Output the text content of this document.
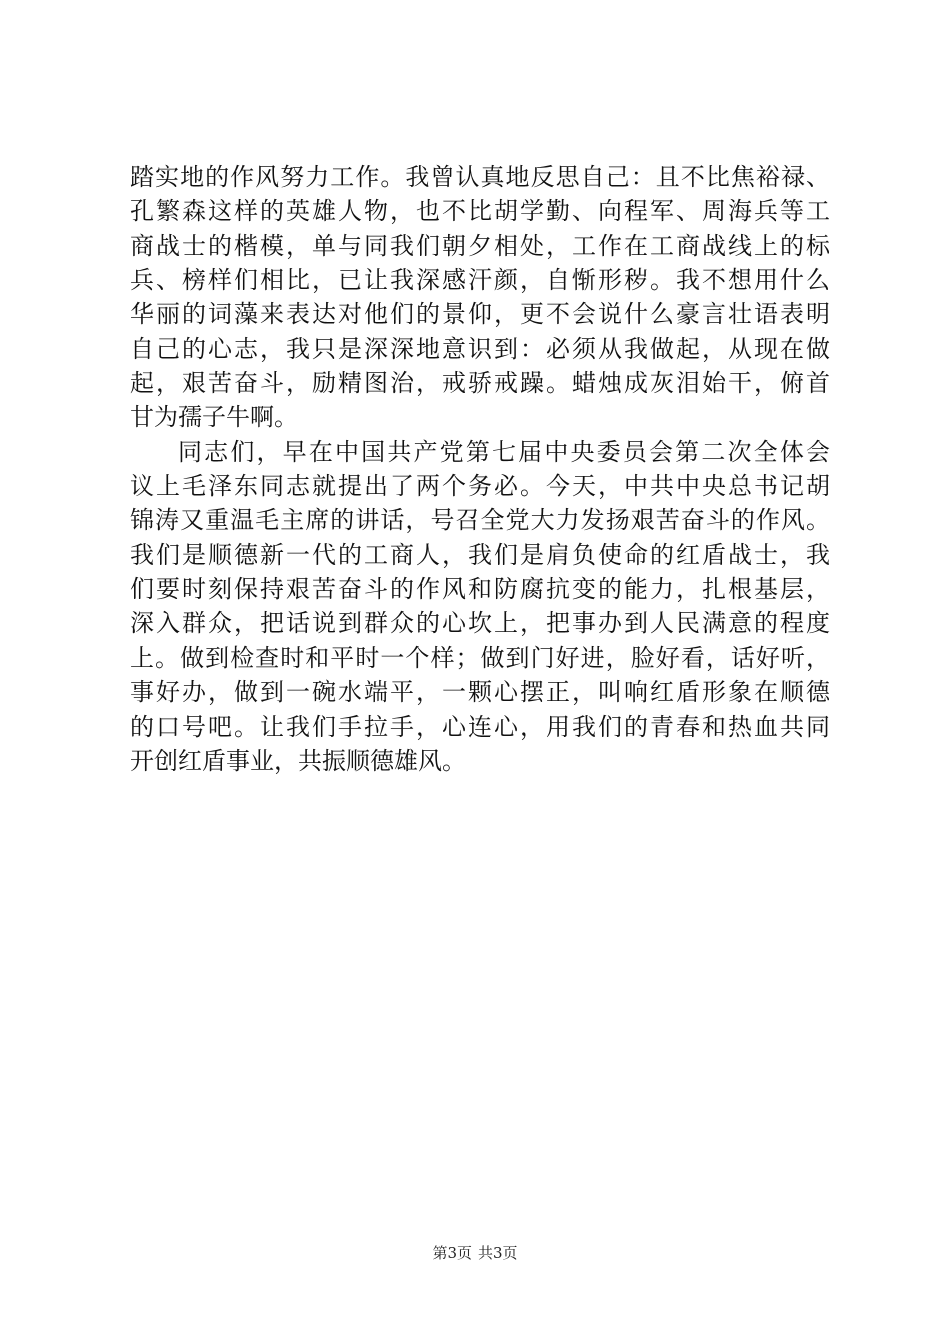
踏实地的作风努力工作。我曾认真地反思自己：且不比焦裕禄、
孔繁森这样的英雄人物，也不比胡学勤、向程军、周海兵等工
商战士的楷模，单与同我们朝夕相处，工作在工商战线上的标
兵、榜样们相比，已让我深感汗颜，自惭形秽。我不想用什么
华丽的词藻来表达对他们的景仰，更不会说什么豪言壮语表明
自己的心志，我只是深深地意识到：必须从我做起，从现在做
起，艰苦奋斗，励精图治，戒骄戒躁。蜡烛成灰泪始干，俯首
甘为孺子牛啊。
同志们，早在中国共产党第七届中央委员会第二次全体会
议上毛泽东同志就提出了两个务必。今天，中共中央总书记胡
锦涛又重温毛主席的讲话，号召全党大力发扬艰苦奋斗的作风。
我们是顺德新一代的工商人，我们是肩负使命的红盾战士，我
们要时刻保持艰苦奋斗的作风和防腐抗变的能力，扎根基层，
深入群众，把话说到群众的心坎上，把事办到人民满意的程度
上。做到检查时和平时一个样；做到门好进，脸好看，话好听，
事好办，做到一碗水端平，一颗心摆正，叫响红盾形象在顺德
的口号吧。让我们手拉手，心连心，用我们的青春和热血共同
开创红盾事业，共振顺德雄风。
第3页 共3页
